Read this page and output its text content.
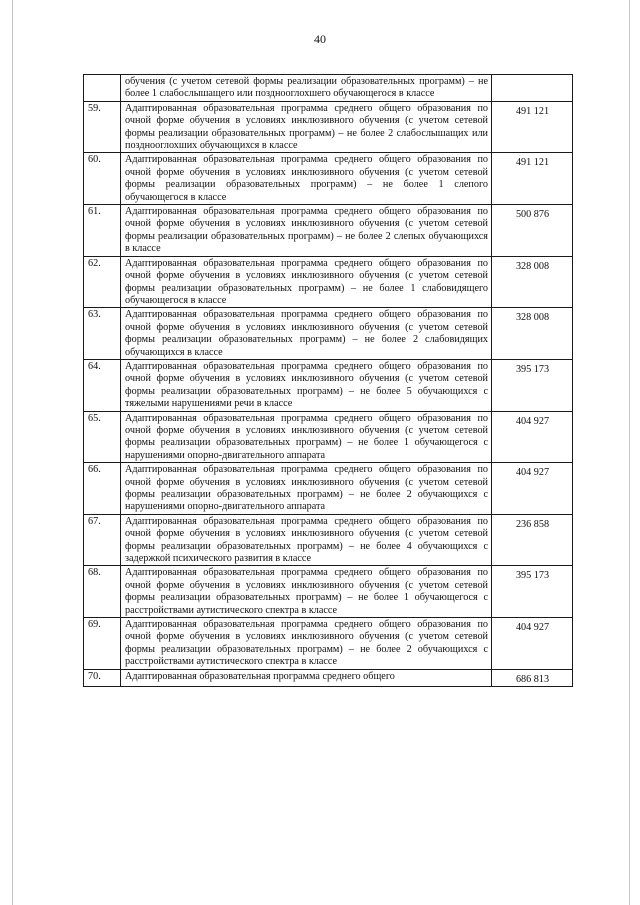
40
	обучения (с учетом сетевой формы реализации образовательных программ) – не более 1 слабослышащего или позднооглохшего обучающегося в классе	
59.	Адаптированная образовательная программа среднего общего образования по очной форме обучения в условиях инклюзивного обучения (с учетом сетевой формы реализации образовательных программ) – не более 2 слабослышащих или позднооглохших обучающихся в классе	491 121
60.	Адаптированная образовательная программа среднего общего образования по очной форме обучения в условиях инклюзивного обучения (с учетом сетевой формы реализации образовательных программ) – не более 1 слепого обучающегося в классе	491 121
61.	Адаптированная образовательная программа среднего общего образования по очной форме обучения в условиях инклюзивного обучения (с учетом сетевой формы реализации образовательных программ) – не более 2 слепых обучающихся в классе	500 876
62.	Адаптированная образовательная программа среднего общего образования по очной форме обучения в условиях инклюзивного обучения (с учетом сетевой формы реализации образовательных программ) – не более 1 слабовидящего обучающегося в классе	328 008
63.	Адаптированная образовательная программа среднего общего образования по очной форме обучения в условиях инклюзивного обучения (с учетом сетевой формы реализации образовательных программ) – не более 2 слабовидящих обучающихся в классе	328 008
64.	Адаптированная образовательная программа среднего общего образования по очной форме обучения в условиях инклюзивного обучения (с учетом сетевой формы реализации образовательных программ) – не более 5 обучающихся с тяжелыми нарушениями речи в классе	395 173
65.	Адаптированная образовательная программа среднего общего образования по очной форме обучения в условиях инклюзивного обучения (с учетом сетевой формы реализации образовательных программ) – не более 1 обучающегося с нарушениями опорно-двигательного аппарата	404 927
66.	Адаптированная образовательная программа среднего общего образования по очной форме обучения в условиях инклюзивного обучения (с учетом сетевой формы реализации образовательных программ) – не более 2 обучающихся с нарушениями опорно-двигательного аппарата	404 927
67.	Адаптированная образовательная программа среднего общего образования по очной форме обучения в условиях инклюзивного обучения (с учетом сетевой формы реализации образовательных программ) – не более 4 обучающихся с задержкой психического развития в классе	236 858
68.	Адаптированная образовательная программа среднего общего образования по очной форме обучения в условиях инклюзивного обучения (с учетом сетевой формы реализации образовательных программ) – не более 1 обучающегося с расстройствами аутистического спектра в классе	395 173
69.	Адаптированная образовательная программа среднего общего образования по очной форме обучения в условиях инклюзивного обучения (с учетом сетевой формы реализации образовательных программ) – не более 2 обучающихся с расстройствами аутистического спектра в классе	404 927
70.	Адаптированная образовательная программа среднего общего	686 813
